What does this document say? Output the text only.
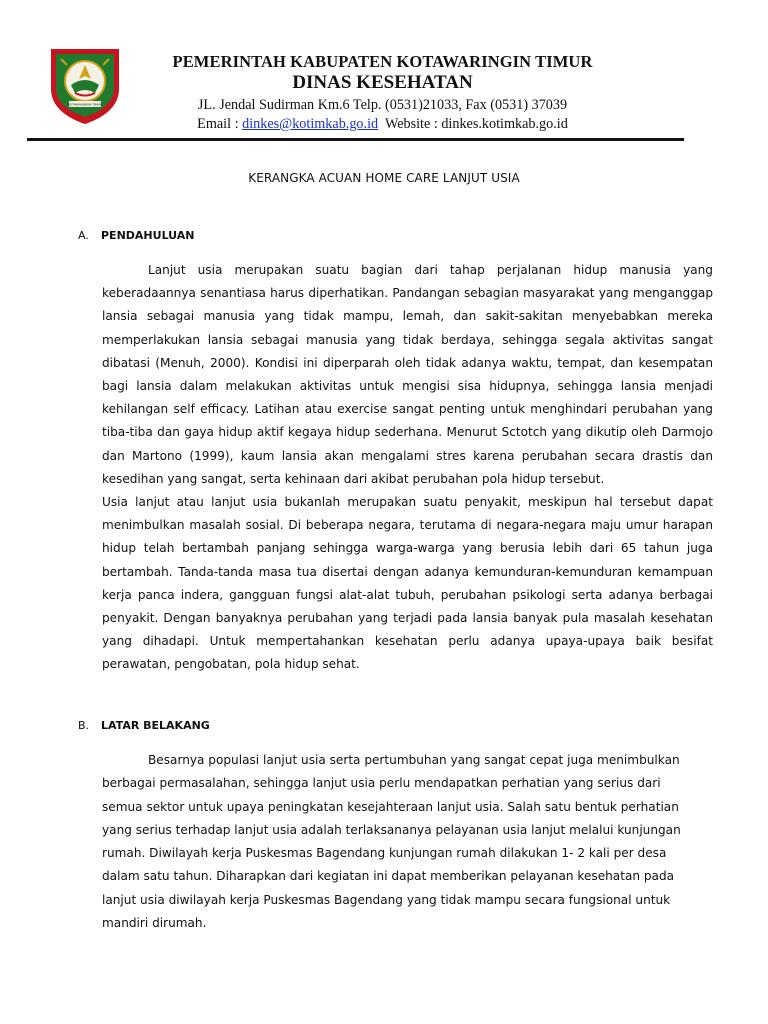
KOTAWARINGIN TIMUR
PEMERINTAH KABUPATEN KOTAWARINGIN TIMUR
DINAS KESEHATAN
JL. Jendal Sudirman Km.6 Telp. (0531)21033, Fax (0531) 37039
Email : dinkes@kotimkab.go.id  Website : dinkes.kotimkab.go.id
KERANGKA ACUAN HOME CARE LANJUT USIA
A. PENDAHULUAN

Lanjut usia merupakan suatu bagian dari tahap perjalanan hidup manusia yang keberadaannya senantiasa harus diperhatikan. Pandangan sebagian masyarakat yang menganggap lansia sebagai manusia yang tidak mampu, lemah, dan sakit-sakitan menyebabkan mereka memperlakukan lansia sebagai manusia yang tidak berdaya, sehingga segala aktivitas sangat dibatasi (Menuh, 2000). Kondisi ini diperparah oleh tidak adanya waktu, tempat, dan kesempatan bagi lansia dalam melakukan aktivitas untuk mengisi sisa hidupnya, sehingga lansia menjadi kehilangan self efficacy. Latihan atau exercise sangat penting untuk menghindari perubahan yang tiba-tiba dan gaya hidup aktif kegaya hidup sederhana. Menurut Sctotch yang dikutip oleh Darmojo dan Martono (1999), kaum lansia akan mengalami stres karena perubahan secara drastis dan kesedihan yang sangat, serta kehinaan dari akibat perubahan pola hidup tersebut.

Usia lanjut atau lanjut usia bukanlah merupakan suatu penyakit, meskipun hal tersebut dapat menimbulkan masalah sosial. Di beberapa negara, terutama di negara-negara maju umur harapan hidup telah bertambah panjang sehingga warga-warga yang berusia lebih dari 65 tahun juga bertambah. Tanda-tanda masa tua disertai dengan adanya kemunduran-kemunduran kemampuan kerja panca indera, gangguan fungsi alat-alat tubuh, perubahan psikologi serta adanya berbagai penyakit. Dengan banyaknya perubahan yang terjadi pada lansia banyak pula masalah kesehatan yang dihadapi. Untuk mempertahankan kesehatan perlu adanya upaya-upaya baik besifat perawatan, pengobatan, pola hidup sehat.

B. LATAR BELAKANG

Besarnya populasi lanjut usia serta pertumbuhan yang sangat cepat juga menimbulkan berbagai permasalahan, sehingga lanjut usia perlu mendapatkan perhatian yang serius dari semua sektor untuk upaya peningkatan kesejahteraan lanjut usia. Salah satu bentuk perhatian yang serius terhadap lanjut usia adalah terlaksananya pelayanan usia lanjut melalui kunjungan rumah. Diwilayah kerja Puskesmas Bagendang kunjungan rumah dilakukan 1- 2 kali per desa dalam satu tahun. Diharapkan dari kegiatan ini dapat memberikan pelayanan kesehatan pada lanjut usia diwilayah kerja Puskesmas Bagendang yang tidak mampu secara fungsional untuk mandiri dirumah.
